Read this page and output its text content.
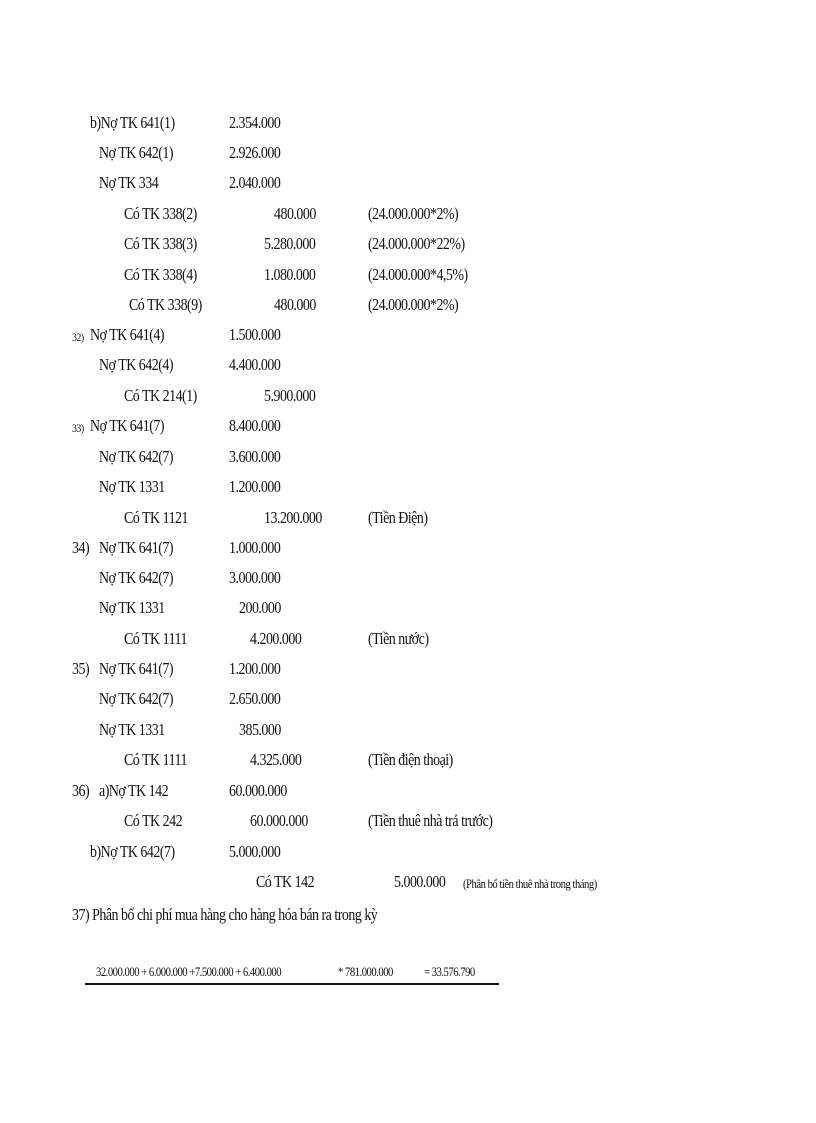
b)Nợ TK 641(1)	2.354.000
Nợ TK 642(1)	2.926.000
Nợ TK 334	2.040.000
Có TK 338(2)	480.000	(24.000.000*2%)
Có TK 338(3)	5.280.000	(24.000.000*22%)
Có TK 338(4)	1.080.000	(24.000.000*4,5%)
Có TK 338(9)	480.000	(24.000.000*2%)
32) Nợ TK 641(4)	1.500.000
Nợ TK 642(4)	4.400.000
Có TK 214(1)	5.900.000
33) Nợ TK 641(7)	8.400.000
Nợ TK 642(7)	3.600.000
Nợ TK 1331	1.200.000
Có TK 1121	13.200.000	(Tiền Điện)
34) Nợ TK 641(7)	1.000.000
Nợ TK 642(7)	3.000.000
Nợ TK 1331	200.000
Có TK 1111	4.200.000	(Tiền nước)
35) Nợ TK 641(7)	1.200.000
Nợ TK 642(7)	2.650.000
Nợ TK 1331	385.000
Có TK 1111	4.325.000	(Tiền điện thoại)
36) a)Nợ TK 142	60.000.000
Có TK 242	60.000.000	(Tiền thuê nhà trả trước)
b)Nợ TK 642(7)	5.000.000
Có TK 142	5.000.000 (Phân bổ tiền thuê nhà trong tháng)
37) Phân bổ chi phí mua hàng cho hàng hóa bán ra trong kỳ
32.000.000 + 6.000.000 +7.500.000 + 6.400.000	* 781.000.000 = 33.576.790
